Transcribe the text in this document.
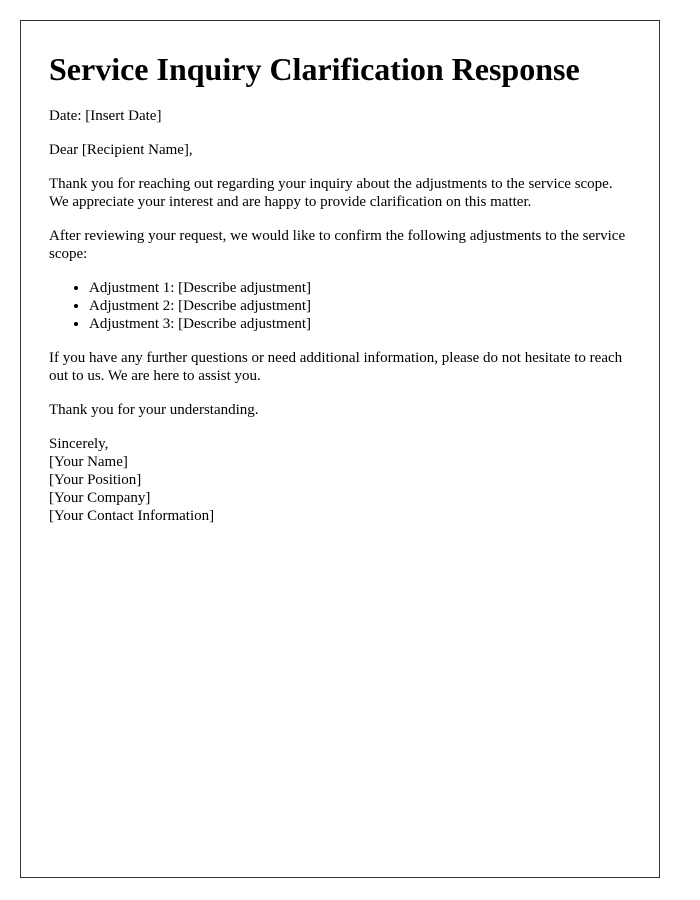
Service Inquiry Clarification Response

Date: [Insert Date]

Dear [Recipient Name],

Thank you for reaching out regarding your inquiry about the adjustments to the service scope. We appreciate your interest and are happy to provide clarification on this matter.

After reviewing your request, we would like to confirm the following adjustments to the service scope:

• Adjustment 1: [Describe adjustment]
• Adjustment 2: [Describe adjustment]
• Adjustment 3: [Describe adjustment]

If you have any further questions or need additional information, please do not hesitate to reach out to us. We are here to assist you.

Thank you for your understanding.

Sincerely,
[Your Name]
[Your Position]
[Your Company]
[Your Contact Information]
